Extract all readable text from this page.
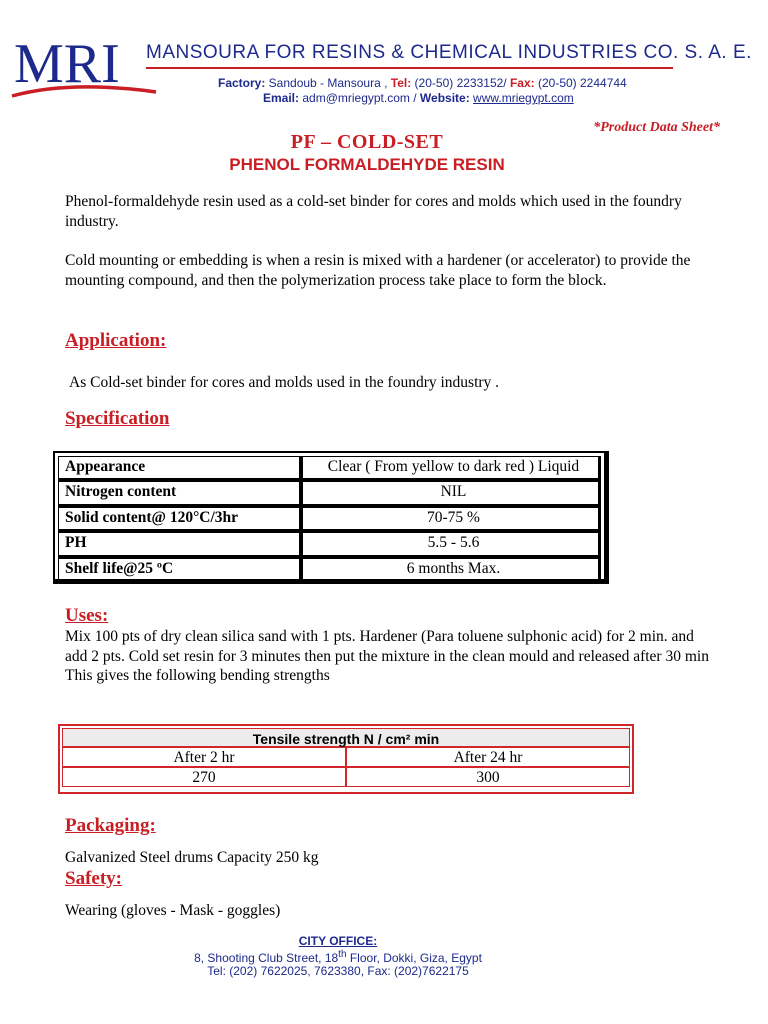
MRI MANSOURA FOR RESINS & CHEMICAL INDUSTRIES CO. S. A. E.
Factory: Sandoub - Mansoura , Tel: (20-50) 2233152/ Fax: (20-50) 2244744
Email: adm@mriegypt.com / Website: www.mriegypt.com
*Product Data Sheet*
PF – COLD-SET
PHENOL FORMALDEHYDE RESIN

Phenol-formaldehyde resin used as a cold-set binder for cores and molds which used in the foundry industry.

Cold mounting or embedding is when a resin is mixed with a hardener (or accelerator) to provide the mounting compound, and then the polymerization process take place to form the block.

Application:

As Cold-set binder for cores and molds used in the foundry industry .

Specification
Appearance	Clear ( From yellow to dark red ) Liquid
Nitrogen content	NIL
Solid content@ 120°C/3hr	70-75 %
PH	5.5 - 5.6
Shelf life@25 ºC	6 months Max.
Uses:
Mix 100 pts of dry clean silica sand with 1 pts. Hardener (Para toluene sulphonic acid) for 2 min. and add 2 pts. Cold set resin for 3 minutes then put the mixture in the clean mould and released after 30 min
This gives the following bending strengths
Tensile strength N / cm² min
After 2 hr	After 24 hr
270	300
Packaging:

Galvanized Steel drums Capacity 250 kg

Safety:

Wearing (gloves - Mask - goggles)

CITY OFFICE:

8, Shooting Club Street, 18th Floor, Dokki, Giza, Egypt

Tel: (202) 7622025, 7623380, Fax: (202)7622175
